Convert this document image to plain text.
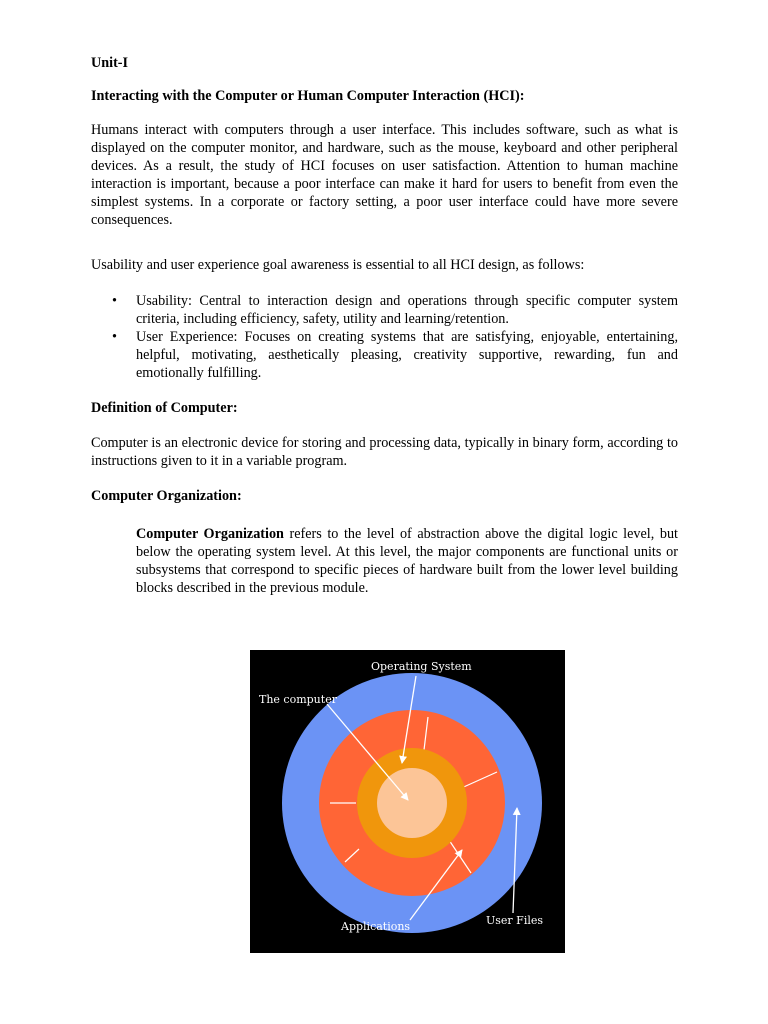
Unit-I

Interacting with the Computer or Human Computer Interaction (HCI):

Humans interact with computers through a user interface. This includes software, such as what is displayed on the computer monitor, and hardware, such as the mouse, keyboard and other peripheral devices. As a result, the study of HCI focuses on user satisfaction. Attention to human machine interaction is important, because a poor interface can make it hard for users to benefit from even the simplest systems. In a corporate or factory setting, a poor user interface could have more severe consequences.

Usability and user experience goal awareness is essential to all HCI design, as follows:

• Usability: Central to interaction design and operations through specific computer system criteria, including efficiency, safety, utility and learning/retention.
• User Experience: Focuses on creating systems that are satisfying, enjoyable, entertaining, helpful, motivating, aesthetically pleasing, creativity supportive, rewarding, fun and emotionally fulfilling.

Definition of Computer:

Computer is an electronic device for storing and processing data, typically in binary form, according to instructions given to it in a variable program.

Computer Organization:

Computer Organization refers to the level of abstraction above the digital logic level, but below the operating system level. At this level, the major components are functional units or subsystems that correspond to specific pieces of hardware built from the lower level building blocks described in the previous module.

Operating System
The computer
Applications	User Files
